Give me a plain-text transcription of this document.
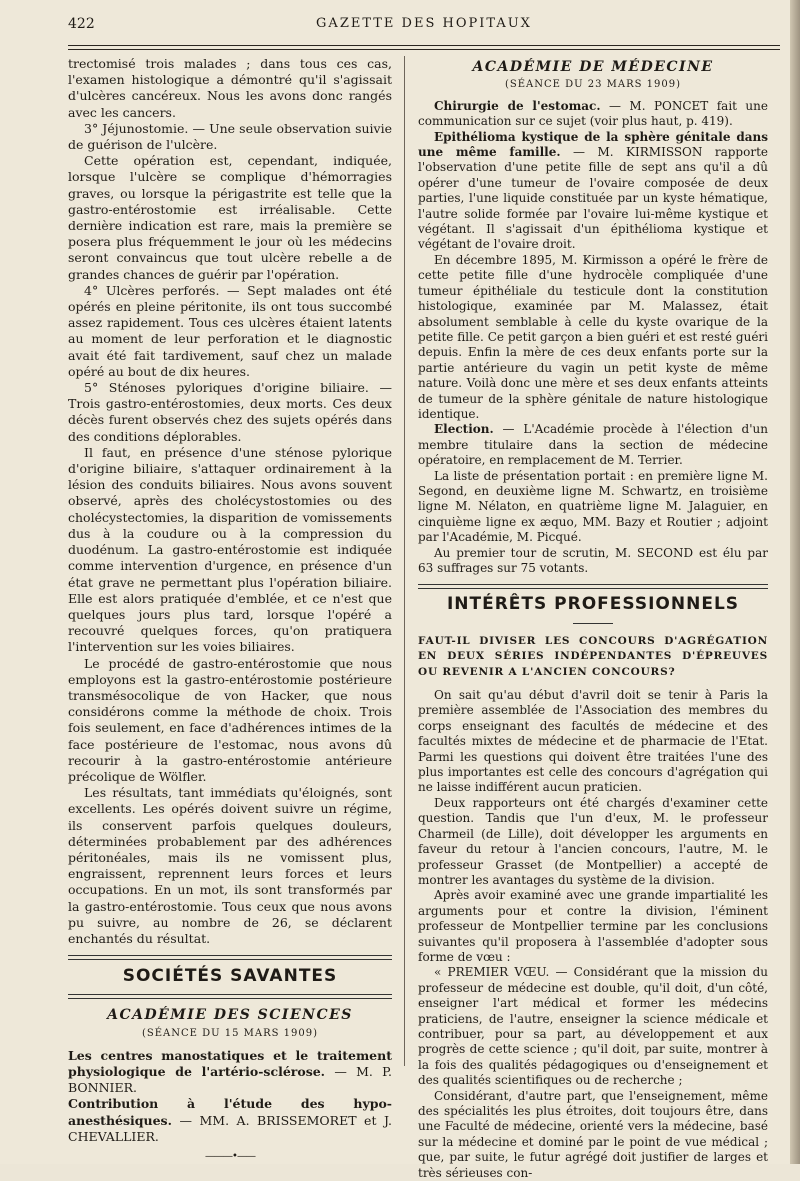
422	GAZETTE DES HOPITAUX

trectomisé trois malades ; dans tous ces cas, l'examen histologique a démontré qu'il s'agissait d'ulcères cancéreux. Nous les avons donc rangés avec les cancers.

3° Jéjunostomie. — Une seule observation suivie de guérison de l'ulcère.

Cette opération est, cependant, indiquée, lorsque l'ulcère se complique d'hémorragies graves, ou lorsque la périgastrite est telle que la gastro-entérostomie est irréalisable. Cette dernière indication est rare, mais la première se posera plus fréquemment le jour où les médecins seront convaincus que tout ulcère rebelle a de grandes chances de guérir par l'opération.

4° Ulcères perforés. — Sept malades ont été opérés en pleine péritonite, ils ont tous succombé assez rapidement. Tous ces ulcères étaient latents au moment de leur perforation et le diagnostic avait été fait tardivement, sauf chez un malade opéré au bout de dix heures.

5° Sténoses pyloriques d'origine biliaire. — Trois gastro-entérostomies, deux morts. Ces deux décès furent observés chez des sujets opérés dans des conditions déplorables.

Il faut, en présence d'une sténose pylorique d'origine biliaire, s'attaquer ordinairement à la lésion des conduits biliaires. Nous avons souvent observé, après des cholécystostomies ou des cholécystectomies, la disparition de vomissements dus à la coudure ou à la compression du duodénum. La gastro-entérostomie est indiquée comme intervention d'urgence, en présence d'un état grave ne permettant plus l'opération biliaire. Elle est alors pratiquée d'emblée, et ce n'est que quelques jours plus tard, lorsque l'opéré a recouvré quelques forces, qu'on pratiquera l'intervention sur les voies biliaires.

Le procédé de gastro-entérostomie que nous employons est la gastro-entérostomie postérieure transmésocolique de von Hacker, que nous considérons comme la méthode de choix. Trois fois seulement, en face d'adhérences intimes de la face postérieure de l'estomac, nous avons dû recourir à la gastro-entérostomie antérieure précolique de Wölfler.

Les résultats, tant immédiats qu'éloignés, sont excellents. Les opérés doivent suivre un régime, ils conservent parfois quelques douleurs, déterminées probablement par des adhérences péritonéales, mais ils ne vomissent plus, engraissent, reprennent leurs forces et leurs occupations. En un mot, ils sont transformés par la gastro-entérostomie. Tous ceux que nous avons pu suivre, au nombre de 26, se déclarent enchantés du résultat.

SOCIÉTÉS SAVANTES
ACADÉMIE DES SCIENCES
(SÉANCE DU 15 MARS 1909)

Les centres manostatiques et le traitement physiologique de l'artério-sclérose. — M. P. BONNIER.

Contribution à l'étude des hypo-anesthésiques. — MM. A. BRISSEMORET et J. CHEVALLIER.

———•——
ACADÉMIE DE MÉDECINE
(SÉANCE DU 23 MARS 1909)

Chirurgie de l'estomac. — M. PONCET fait une communication sur ce sujet (voir plus haut, p. 419).

Epithélioma kystique de la sphère génitale dans une même famille. — M. KIRMISSON rapporte l'observation d'une petite fille de sept ans qu'il a dû opérer d'une tumeur de l'ovaire composée de deux parties, l'une liquide constituée par un kyste hématique, l'autre solide formée par l'ovaire lui-même kystique et végétant. Il s'agissait d'un épithélioma kystique et végétant de l'ovaire droit.

En décembre 1895, M. Kirmisson a opéré le frère de cette petite fille d'une hydrocèle compliquée d'une tumeur épithéliale du testicule dont la constitution histologique, examinée par M. Malassez, était absolument semblable à celle du kyste ovarique de la petite fille. Ce petit garçon a bien guéri et est resté guéri depuis. Enfin la mère de ces deux enfants porte sur la partie antérieure du vagin un petit kyste de même nature. Voilà donc une mère et ses deux enfants atteints de tumeur de la sphère génitale de nature histologique identique.

Election. — L'Académie procède à l'élection d'un membre titulaire dans la section de médecine opératoire, en remplacement de M. Terrier.

La liste de présentation portait : en première ligne M. Segond, en deuxième ligne M. Schwartz, en troisième ligne M. Nélaton, en quatrième ligne M. Jalaguier, en cinquième ligne ex æquo, MM. Bazy et Routier ; adjoint par l'Académie, M. Picqué.

Au premier tour de scrutin, M. SECOND est élu par 63 suffrages sur 75 votants.

INTÉRÊTS PROFESSIONNELS
FAUT-IL DIVISER LES CONCOURS D'AGRÉGATION EN DEUX SÉRIES INDÉPENDANTES D'ÉPREUVES OU REVENIR A L'ANCIEN CONCOURS?

On sait qu'au début d'avril doit se tenir à Paris la première assemblée de l'Association des membres du corps enseignant des facultés de médecine et des facultés mixtes de médecine et de pharmacie de l'Etat. Parmi les questions qui doivent être traitées l'une des plus importantes est celle des concours d'agrégation qui ne laisse indifférent aucun praticien.

Deux rapporteurs ont été chargés d'examiner cette question. Tandis que l'un d'eux, M. le professeur Charmeil (de Lille), doit développer les arguments en faveur du retour à l'ancien concours, l'autre, M. le professeur Grasset (de Montpellier) a accepté de montrer les avantages du système de la division.

Après avoir examiné avec une grande impartialité les arguments pour et contre la division, l'éminent professeur de Montpellier termine par les conclusions suivantes qu'il proposera à l'assemblée d'adopter sous forme de vœu :

« PREMIER VŒU. — Considérant que la mission du professeur de médecine est double, qu'il doit, d'un côté, enseigner l'art médical et former les médecins praticiens, de l'autre, enseigner la science médicale et contribuer, pour sa part, au développement et aux progrès de cette science ; qu'il doit, par suite, montrer à la fois des qualités pédagogiques ou d'enseignement et des qualités scientifiques ou de recherche ;

Considérant, d'autre part, que l'enseignement, même des spécialités les plus étroites, doit toujours être, dans une Faculté de médecine, orienté vers la médecine, basé sur la médecine et dominé par le point de vue médical ; que, par suite, le futur agrégé doit justifier de larges et très sérieuses con-
